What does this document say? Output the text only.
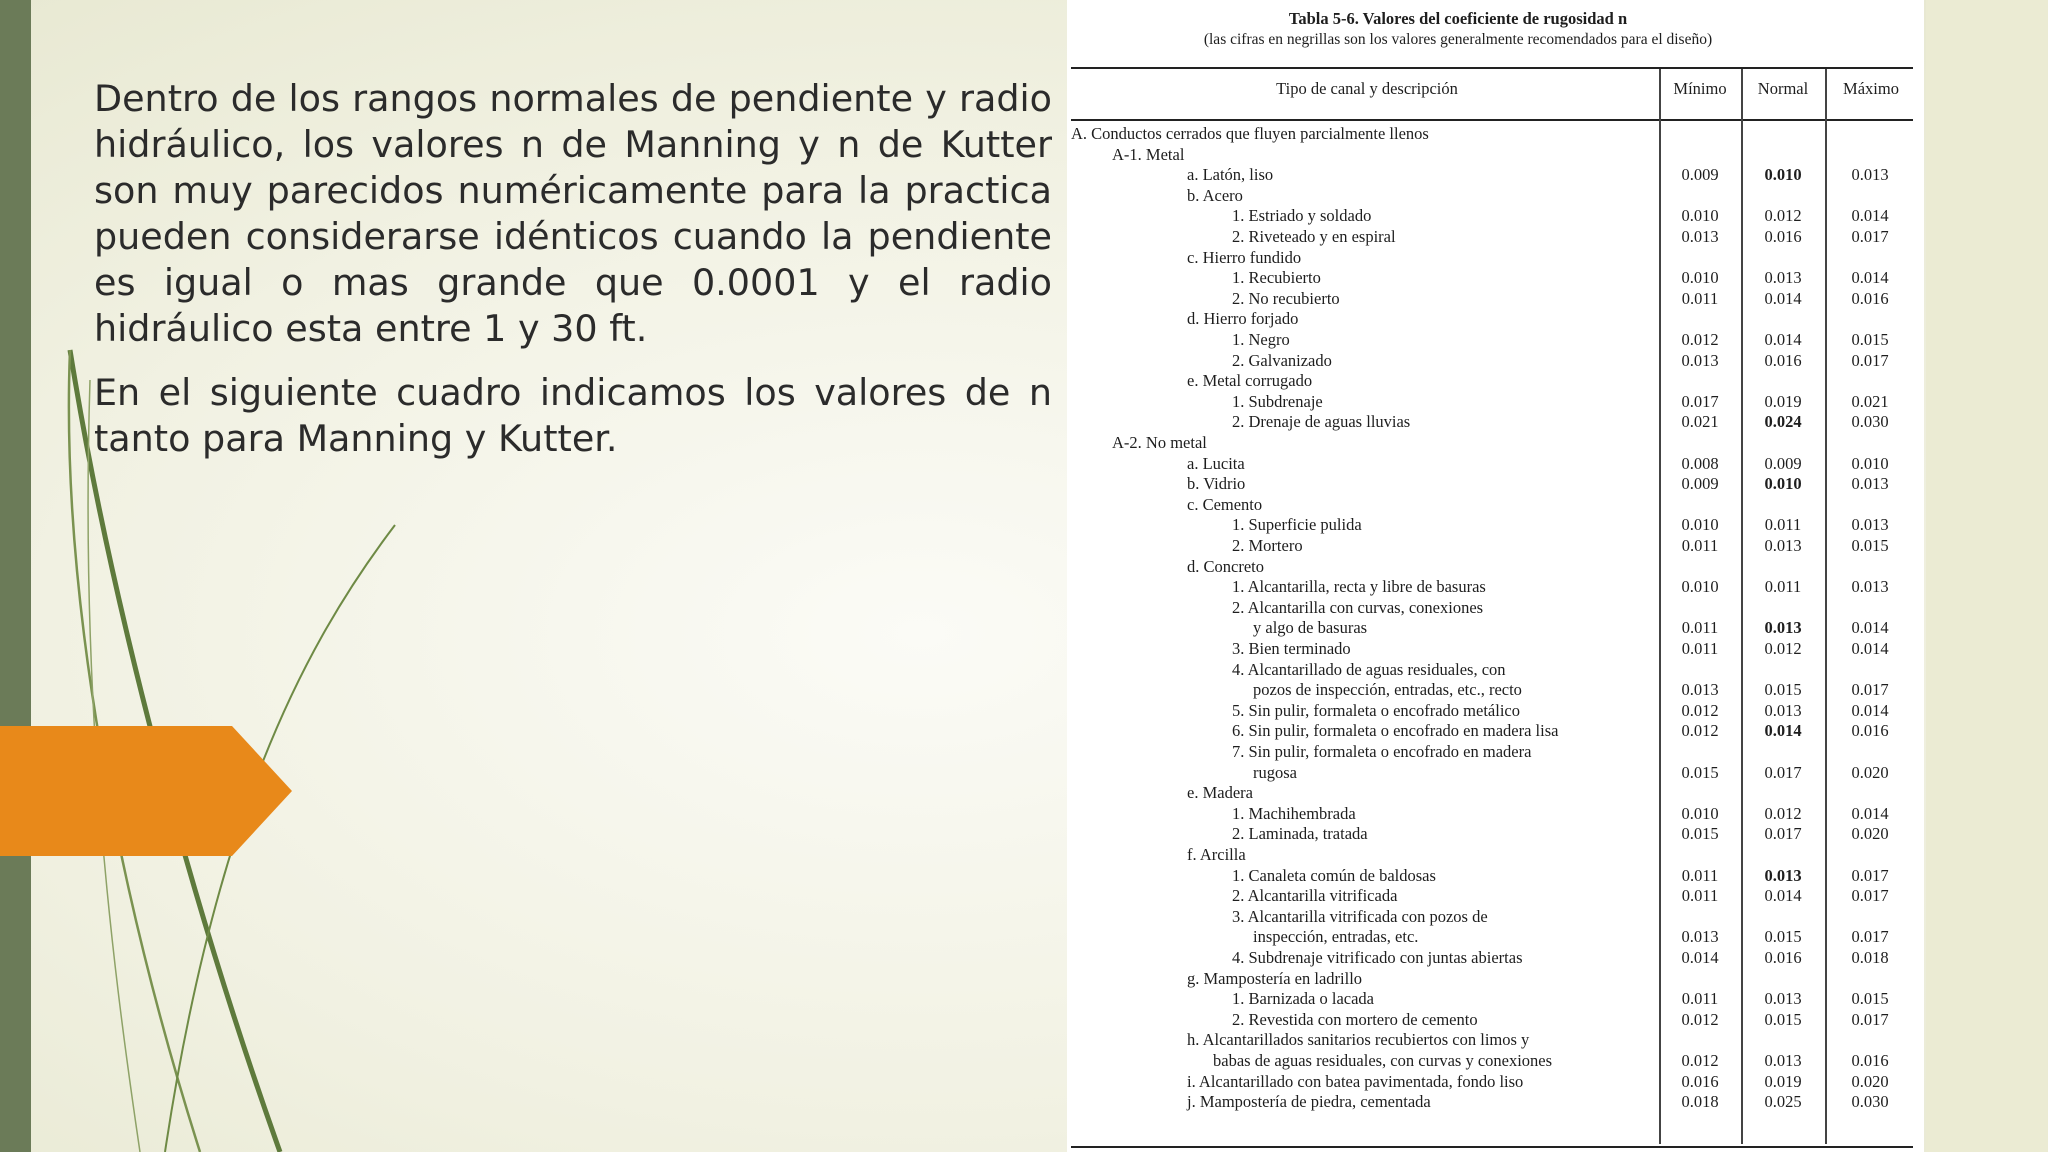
Dentro de los rangos normales de pendiente y radio hidráulico, los valores n de Manning y n de Kutter son muy parecidos numéricamente para la practica pueden considerarse idénticos cuando la pendiente es igual o mas grande que 0.0001 y el radio hidráulico esta entre 1 y 30 ft.

En el siguiente cuadro indicamos los valores de n tanto para Manning y Kutter.

Tabla 5-6. Valores del coeficiente de rugosidad n
(las cifras en negrillas son los valores generalmente recomendados para el diseño)
Tipo de canal y descripción	Mínimo	Normal	Máximo
A. Conductos cerrados que fluyen parcialmente llenos
A-1. Metal
a. Latón, liso	0.009	0.010	0.013
b. Acero
1. Estriado y soldado	0.010	0.012	0.014
2. Riveteado y en espiral	0.013	0.016	0.017
c. Hierro fundido
1. Recubierto	0.010	0.013	0.014
2. No recubierto	0.011	0.014	0.016
d. Hierro forjado
1. Negro	0.012	0.014	0.015
2. Galvanizado	0.013	0.016	0.017
e. Metal corrugado
1. Subdrenaje	0.017	0.019	0.021
2. Drenaje de aguas lluvias	0.021	0.024	0.030
A-2. No metal
a. Lucita	0.008	0.009	0.010
b. Vidrio	0.009	0.010	0.013
c. Cemento
1. Superficie pulida	0.010	0.011	0.013
2. Mortero	0.011	0.013	0.015
d. Concreto
1. Alcantarilla, recta y libre de basuras	0.010	0.011	0.013
2. Alcantarilla con curvas, conexiones
y algo de basuras	0.011	0.013	0.014
3. Bien terminado	0.011	0.012	0.014
4. Alcantarillado de aguas residuales, con
pozos de inspección, entradas, etc., recto	0.013	0.015	0.017
5. Sin pulir, formaleta o encofrado metálico	0.012	0.013	0.014
6. Sin pulir, formaleta o encofrado en madera lisa	0.012	0.014	0.016
7. Sin pulir, formaleta o encofrado en madera
rugosa	0.015	0.017	0.020
e. Madera
1. Machihembrada	0.010	0.012	0.014
2. Laminada, tratada	0.015	0.017	0.020
f. Arcilla
1. Canaleta común de baldosas	0.011	0.013	0.017
2. Alcantarilla vitrificada	0.011	0.014	0.017
3. Alcantarilla vitrificada con pozos de
inspección, entradas, etc.	0.013	0.015	0.017
4. Subdrenaje vitrificado con juntas abiertas	0.014	0.016	0.018
g. Mampostería en ladrillo
1. Barnizada o lacada	0.011	0.013	0.015
2. Revestida con mortero de cemento	0.012	0.015	0.017
h. Alcantarillados sanitarios recubiertos con limos y
babas de aguas residuales, con curvas y conexiones	0.012	0.013	0.016
i. Alcantarillado con batea pavimentada, fondo liso	0.016	0.019	0.020
j. Mampostería de piedra, cementada	0.018	0.025	0.030
